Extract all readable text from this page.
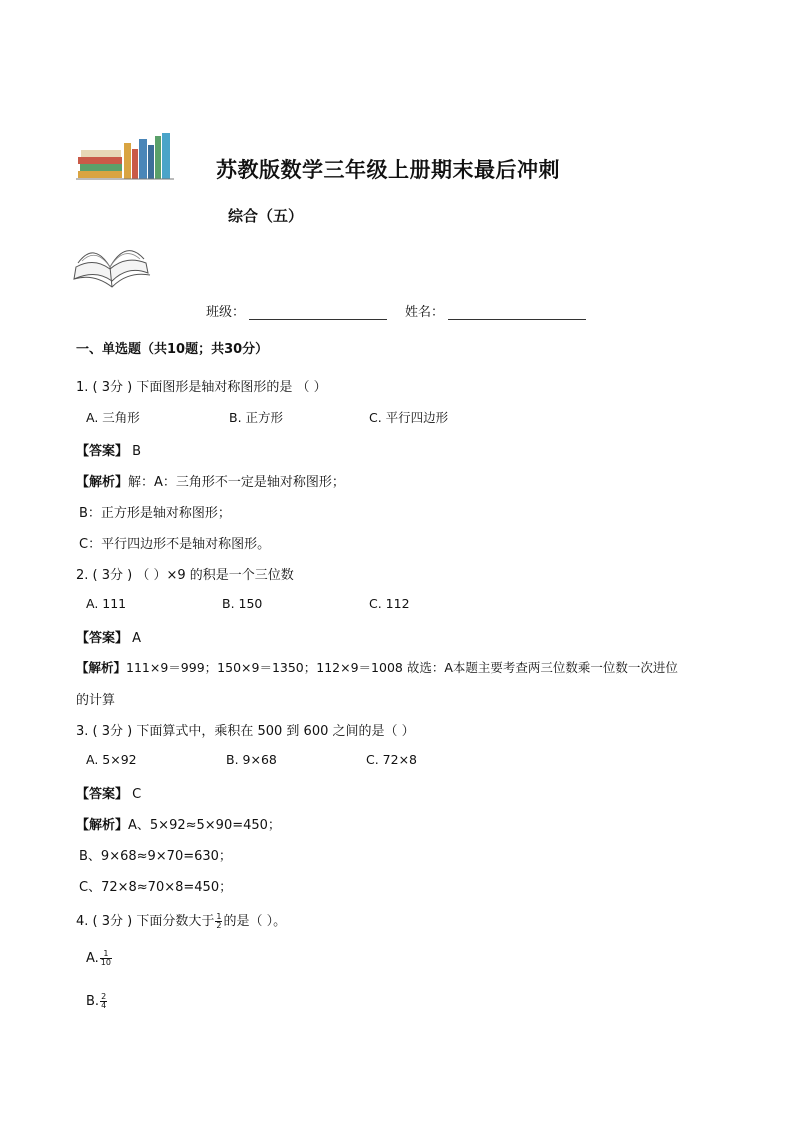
苏教版数学三年级上册期末最后冲刺
综合（五）
班级：	姓名：
一、单选题（共10题；共30分）
1. ( 3分 ) 下面图形是轴对称图形的是 （ ）
A. 三角形	B. 正方形	C. 平行四边形
【答案】 B
【解析】解：A：三角形不一定是轴对称图形；
B：正方形是轴对称图形；
C：平行四边形不是轴对称图形。
2. ( 3分 ) （ ）×9 的积是一个三位数
A. 111	B. 150	C. 112
【答案】 A
【解析】111×9＝999；150×9＝1350；112×9＝1008 故选：A本题主要考查两三位数乘一位数一次进位
的计算
3. ( 3分 ) 下面算式中，乘积在 500 到 600 之间的是（ ）
A. 5×92	B. 9×68	C. 72×8
【答案】 C
【解析】A、5×92≈5×90=450；
B、9×68≈9×70=630；
C、72×8≈70×8=450；
4. ( 3分 ) 下面分数大于 $\frac{1}{2}$ 的是（ ）。
A. $\frac{1}{10}$
B. $\frac{2}{4}$
